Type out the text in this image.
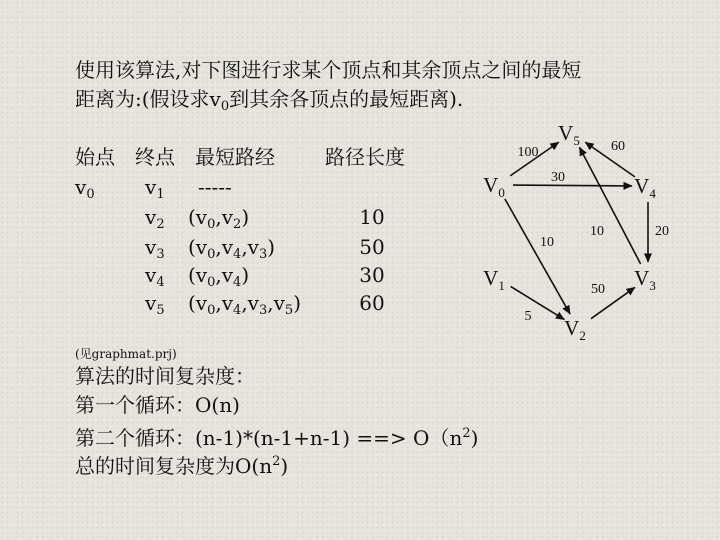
使用该算法,对下图进行求某个顶点和其余顶点之间的最短
距离为:(假设求$v_0$到其余各顶点的最短距离).
始点 终点 最短路经	路径长度
$v_0$	$v_1$ -----
$v_2$ $(v_0,v_2)$	10
$v_3$ $(v_0,v_4,v_3)$	50
$v_4$ $(v_0,v_4)$	30
$v_5$ $(v_0,v_4,v_3,v_5)$	60
(见graphmat.prj)
算法的时间复杂度：
第一个循环：O(n)
第二个循环：(n-1)*(n-1+n-1) ==> $O(n^2)$
总的时间复杂度为$O(n^2)$
100
30
10
5
50
10	20
60
$V_0$
$V_1$
$V_2$
$V_3$
$V_4$
$V_5$
